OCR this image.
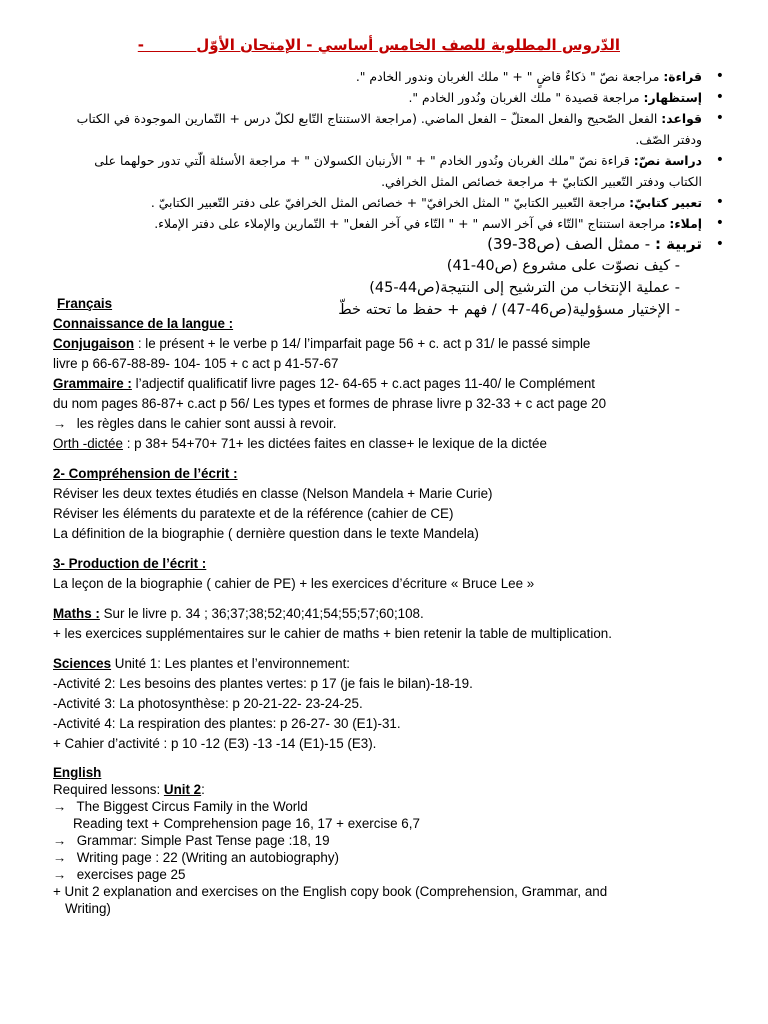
الدّروس المطلوبة للصف الخامس أساسي - الإمتحان الأوّل          -
• قراءة: مراجعة نصّ " ذكاءٌ قاضٍ " + " ملك الغربان وندور الخادم ".
• إستظهار: مراجعة قصيدة " ملك الغربان ونُدور الخادم ".
• قواعد: الفعل الصّحيح والفعل المعتلّ – الفعل الماضي. (مراجعة الاستنتاج التّابع لكلّ درس + التّمارين الموجودة في الكتاب ودفتر الصّف.
• دراسة نصّ: قراءة نصّ "ملك الغربان ونُدور الخادم " + " الأرنبان الكسولان " + مراجعة الأسئلة الّتي تدور حولهما على الكتاب ودفتر التّعبير الكتابيّ + مراجعة خصائص المثل الخرافي.
• تعبير كتابيّ: مراجعة التّعبير الكتابيّ " المثل الخرافيّ" + خصائص المثل الخرافيّ على دفتر التّعبير الكتابيّ .
• إملاء: مراجعة استنتاج "التّاء في آخر الاسم " + " التّاء في آخر الفعل" + التّمارين والإملاء على دفتر الإملاء.
• تربية : - ممثل الصف (ص38-39)
- كيف نصوّت على مشروع (ص40-41)
- عملية الإنتخاب من الترشيح إلى النتيجة(ص44-45)
- الإختيار مسؤولية(ص46-47) / فهم + حفظ ما تحته خطّ

Français

Connaissance de la langue :

Conjugaison : le présent + le verbe p 14/ l’imparfait page 56 + c. act p 31/ le passé simple

livre p 66-67-88-89- 104- 105 + c act p 41-57-67

Grammaire : l’adjectif qualificatif livre pages 12- 64-65 + c.act pages 11-40/ le Complément

du nom pages 86-87+ c.act p 56/ Les types et formes de phrase livre p 32-33 + c act page 20

→ les règles dans le cahier sont aussi à revoir.

Orth -dictée : p 38+ 54+70+ 71+ les dictées faites en classe+ le lexique de la dictée

2- Compréhension de l’écrit :

Réviser les deux textes étudiés en classe (Nelson Mandela + Marie Curie)

Réviser les éléments du paratexte et de la référence (cahier de CE)

La définition de la biographie ( dernière question dans le texte Mandela)

3- Production de l’écrit :

La leçon de la biographie ( cahier de PE) + les exercices d’écriture « Bruce Lee »

Maths : Sur le livre p. 34 ; 36;37;38;52;40;41;54;55;57;60;108.

+ les exercices supplémentaires sur le cahier de maths + bien retenir la table de multiplication.

Sciences Unité 1: Les plantes et l’environnement:

-Activité 2: Les besoins des plantes vertes: p 17 (je fais le bilan)-18-19.

-Activité 3: La photosynthèse: p 20-21-22- 23-24-25.

-Activité 4: La respiration des plantes: p 26-27- 30 (E1)-31.

+ Cahier d’activité : p 10 -12 (E3) -13 -14 (E1)-15 (E3).

English

Required lessons: Unit 2:

→ The Biggest Circus Family in the World

Reading text + Comprehension page 16, 17 + exercise 6,7

→ Grammar: Simple Past Tense page :18, 19

→ Writing page : 22 (Writing an autobiography)

→ exercises page 25

+ Unit 2 explanation and exercises on the English copy book (Comprehension, Grammar, and

Writing)
